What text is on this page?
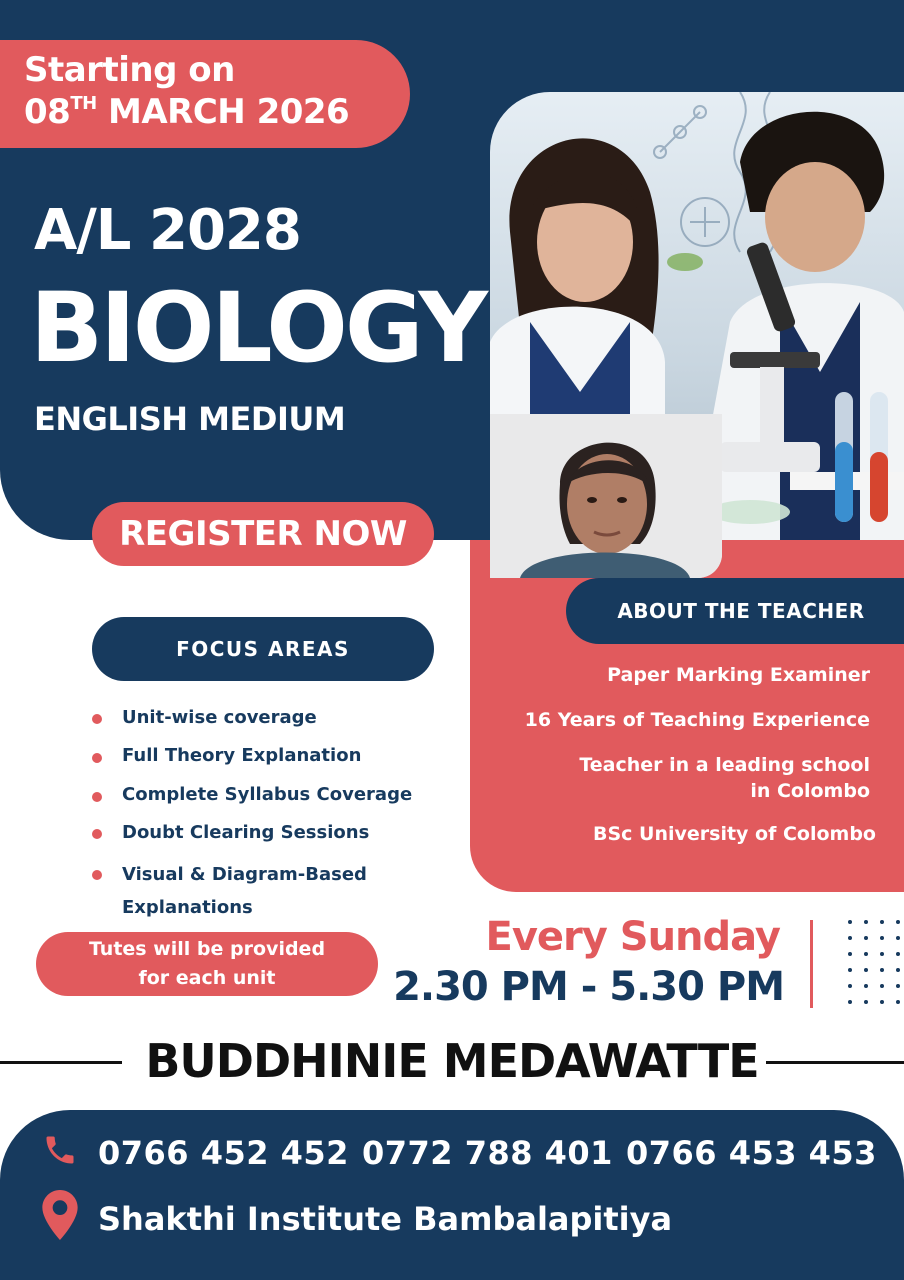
Starting on
08TH MARCH 2026
A/L 2028
BIOLOGY
ENGLISH MEDIUM
REGISTER NOW
ABOUT THE TEACHER
Paper Marking Examiner
16 Years of Teaching Experience
Teacher in a leading school
in Colombo
BSc University of Colombo
FOCUS AREAS
Unit-wise coverage
Full Theory Explanation
Complete Syllabus Coverage
Doubt Clearing Sessions
Visual & Diagram-Based
Explanations
Tutes will be provided
for each unit
Every Sunday
2.30 PM - 5.30 PM
BUDDHINIE MEDAWATTE
0766 452 452 0772 788 401 0766 453 453
Shakthi Institute Bambalapitiya
